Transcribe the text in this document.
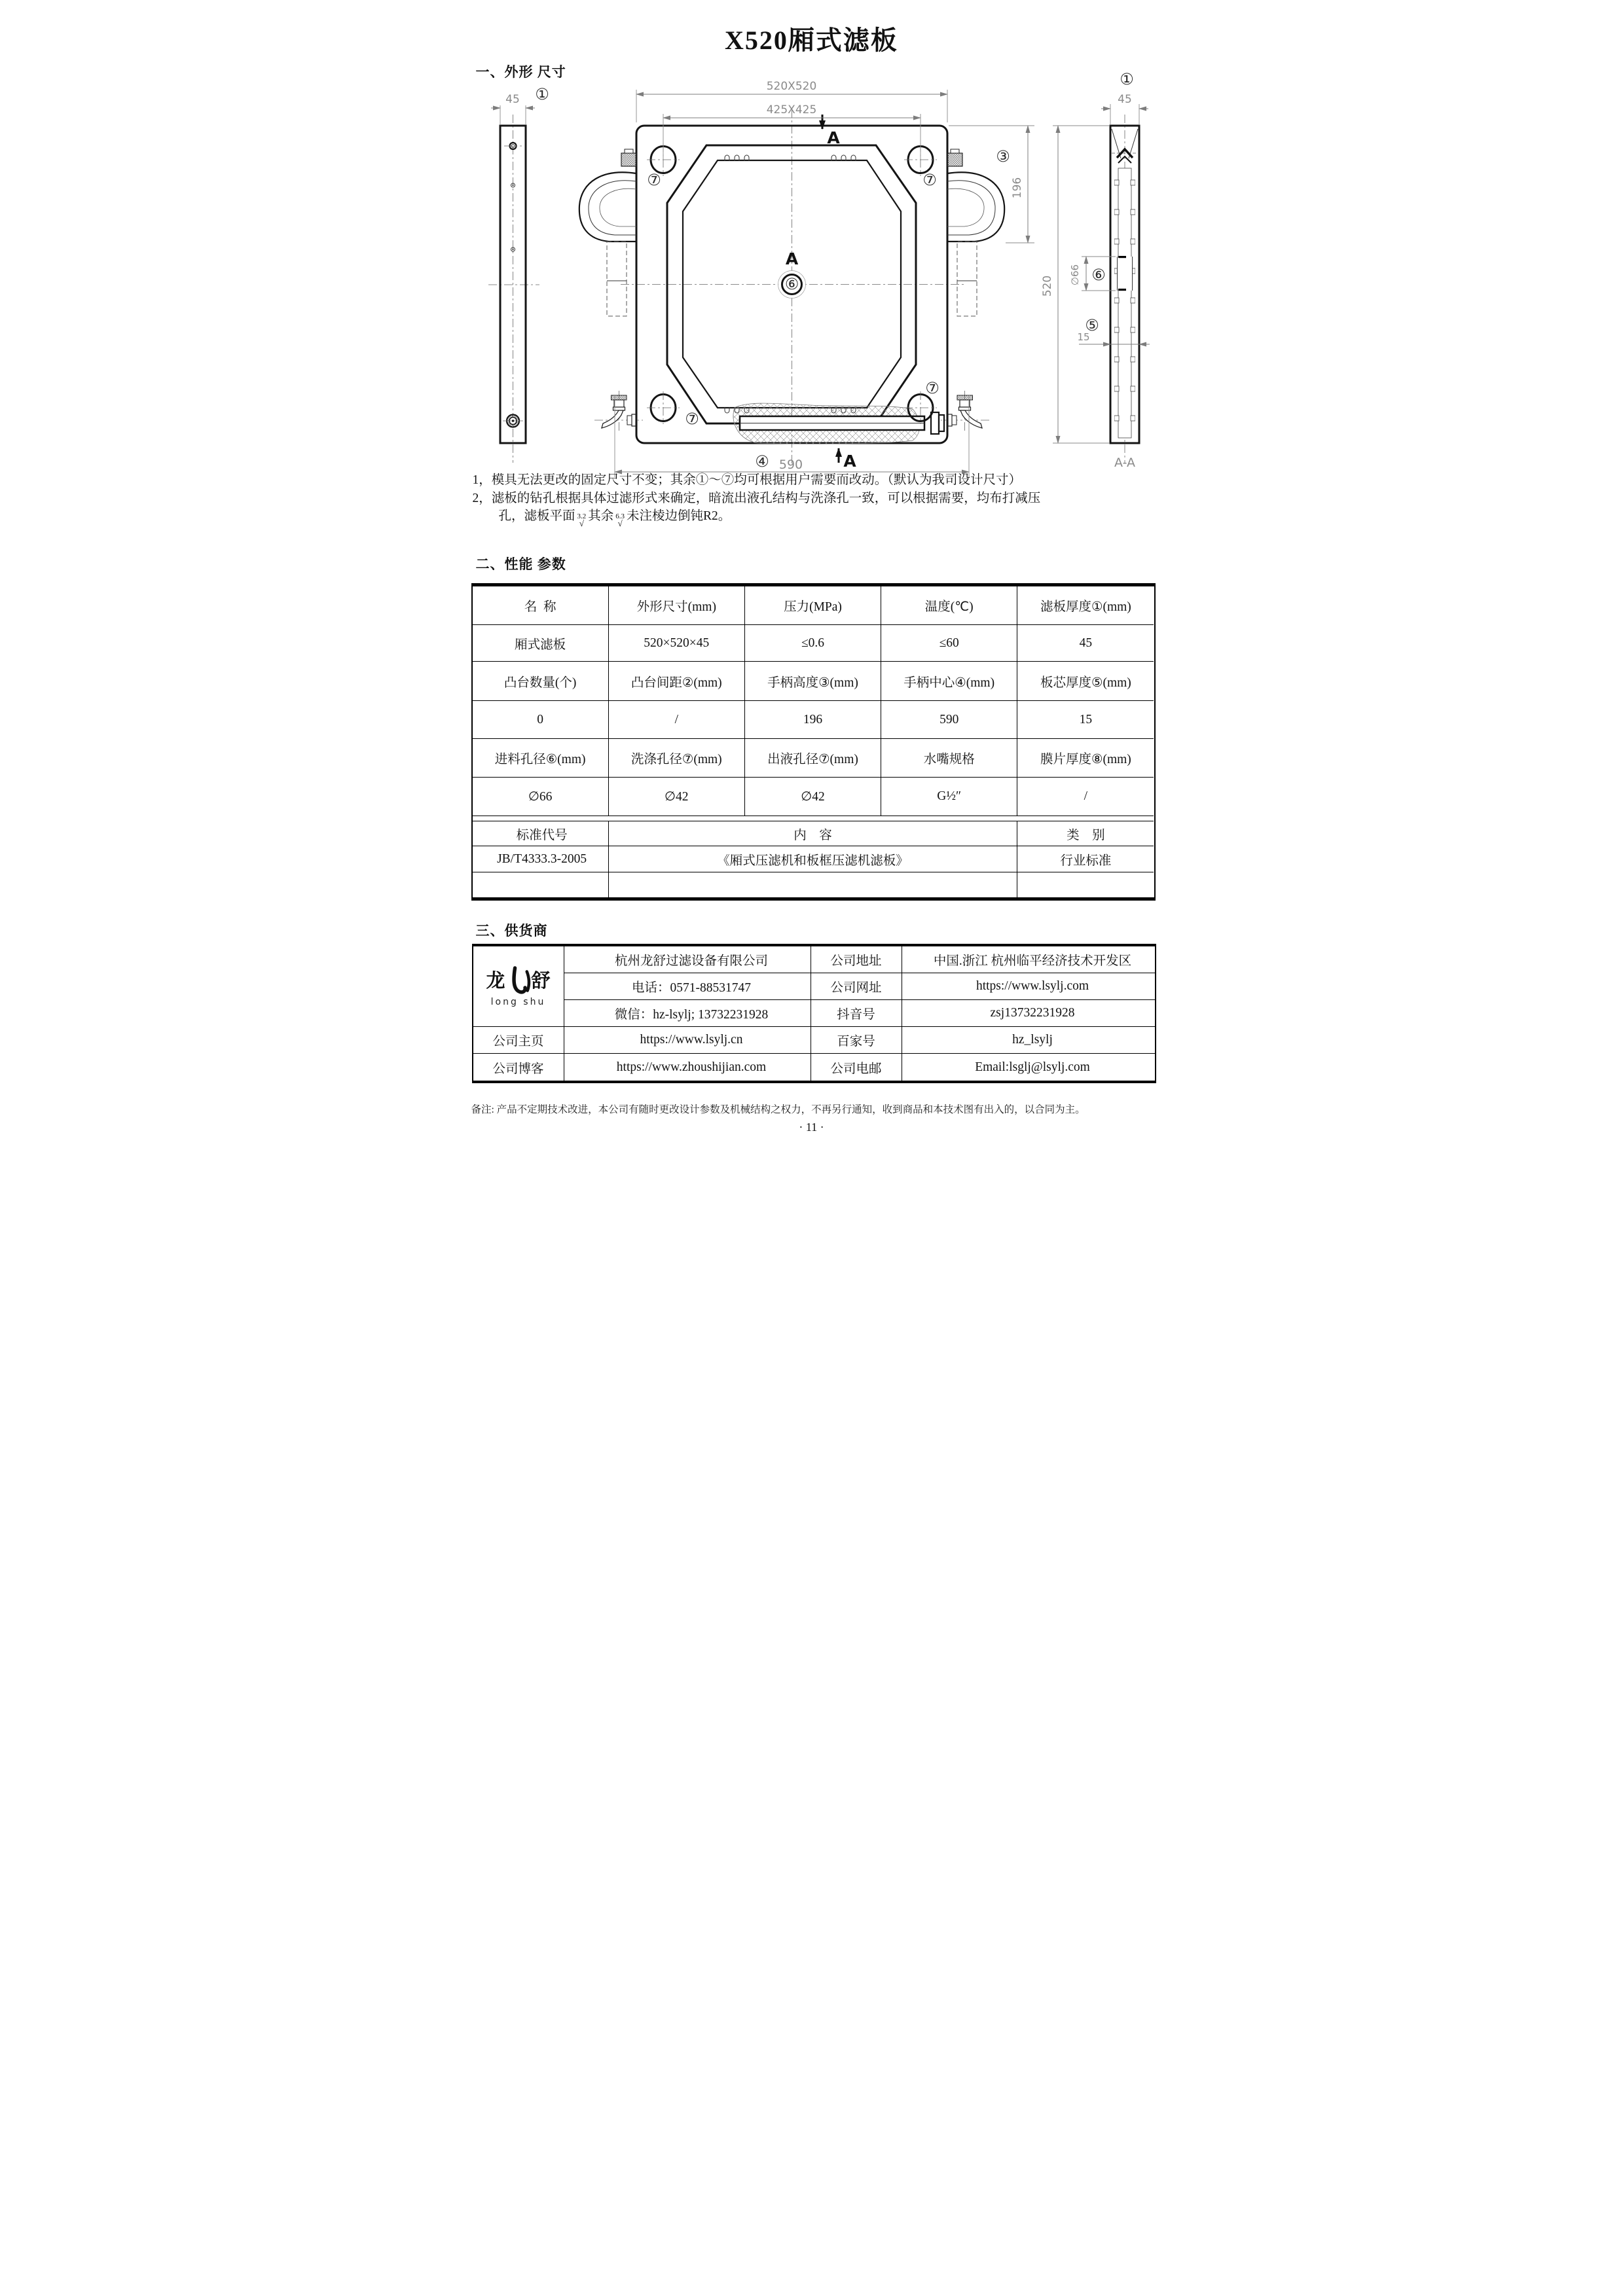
X520厢式滤板
一、外形 尺寸
45 ①
⑦	⑦
⑦
⑦
⑥
A
A
A
520X520
425X425
196
③
④ 590
①
45
520
∅66 ⑥
⑤
15
A-A
1，模具无法更改的固定尺寸不变；其余①～⑦均可根据用户需要而改动。（默认为我司设计尺寸）
2，滤板的钻孔根据具体过滤形式来确定，暗流出液孔结构与洗涤孔一致，可以根据需要，均布打减压
孔，滤板平面 3.2
√
其余 6.3
√
未注棱边倒钝R2。
二、性能 参数
名  称	外形尺寸(mm)	压力(MPa)	温度(℃)	滤板厚度①(mm)
厢式滤板	520×520×45	≤0.6	≤60	45
凸台数量(个)	凸台间距②(mm)	手柄高度③(mm)	手柄中心④(mm)	板芯厚度⑤(mm)
0	/	196	590	15
进料孔径⑥(mm)	洗涤孔径⑦(mm)	出液孔径⑦(mm)	水嘴规格	膜片厚度⑧(mm)
∅66	∅42	∅42	G½″	/
标准代号	内    容	类    别
JB/T4333.3-2005	《厢式压滤机和板框压滤机滤板》	行业标准
三、供货商
龙 舒
long shu
杭州龙舒过滤设备有限公司	公司地址	中国.浙江 杭州临平经济技术开发区
电话：0571-88531747	公司网址	https://www.lsylj.com
微信：hz-lsylj; 13732231928	抖音号	zsj13732231928
公司主页	https://www.lsylj.cn	百家号	hz_lsylj
公司博客	https://www.zhoushijian.com	公司电邮	Email:lsglj@lsylj.com
备注: 产品不定期技术改进，本公司有随时更改设计参数及机械结构之权力，不再另行通知，收到商品和本技术图有出入的，以合同为主。
· 11 ·
